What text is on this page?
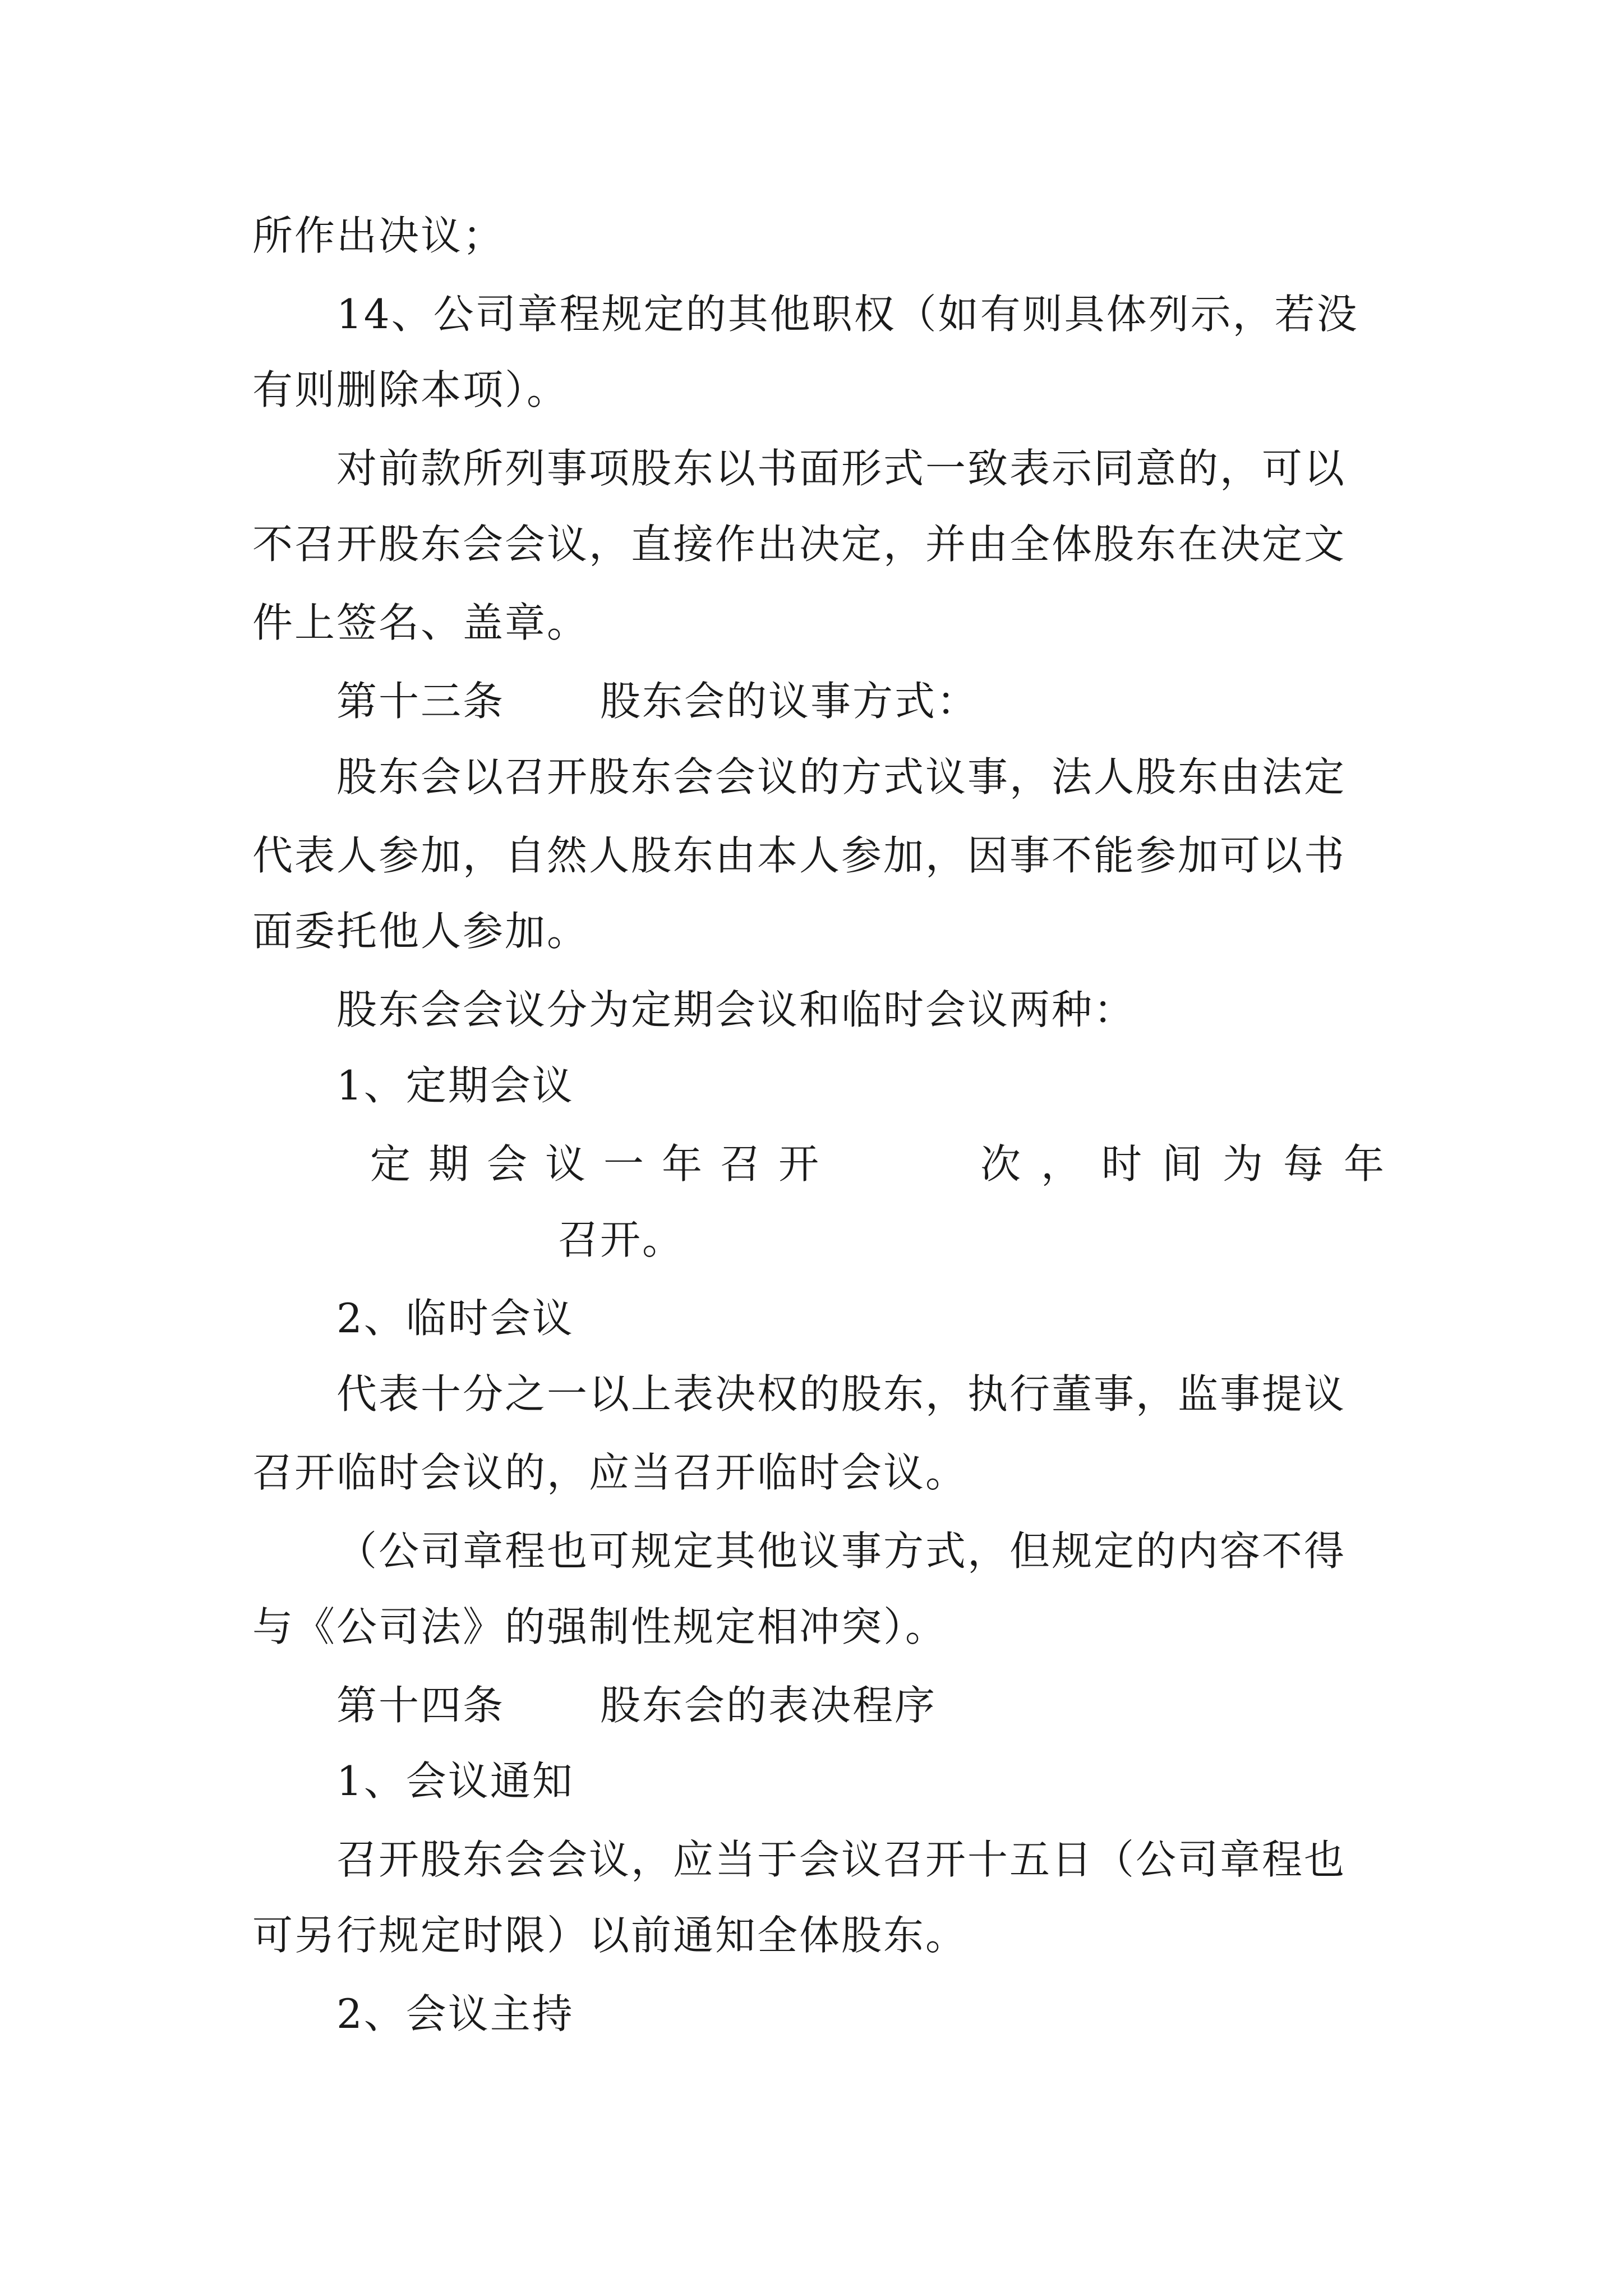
所作出决议；
14、公司章程规定的其他职权（如有则具体列示，若没
有则删除本项）。
对前款所列事项股东以书面形式一致表示同意的，可以
不召开股东会会议，直接作出决定，并由全体股东在决定文
件上签名、盖章。
第十三条 股东会的议事方式：
股东会以召开股东会会议的方式议事，法人股东由法定
代表人参加，自然人股东由本人参加，因事不能参加可以书
面委托他人参加。
股东会会议分为定期会议和临时会议两种：
1、定期会议
定期会议一年召开	次，时间为每年
召开。
2、临时会议
代表十分之一以上表决权的股东，执行董事，监事提议
召开临时会议的，应当召开临时会议。
（公司章程也可规定其他议事方式，但规定的内容不得
与《公司法》的强制性规定相冲突）。
第十四条 股东会的表决程序
1、会议通知
召开股东会会议，应当于会议召开十五日（公司章程也
可另行规定时限）以前通知全体股东。
2、会议主持
